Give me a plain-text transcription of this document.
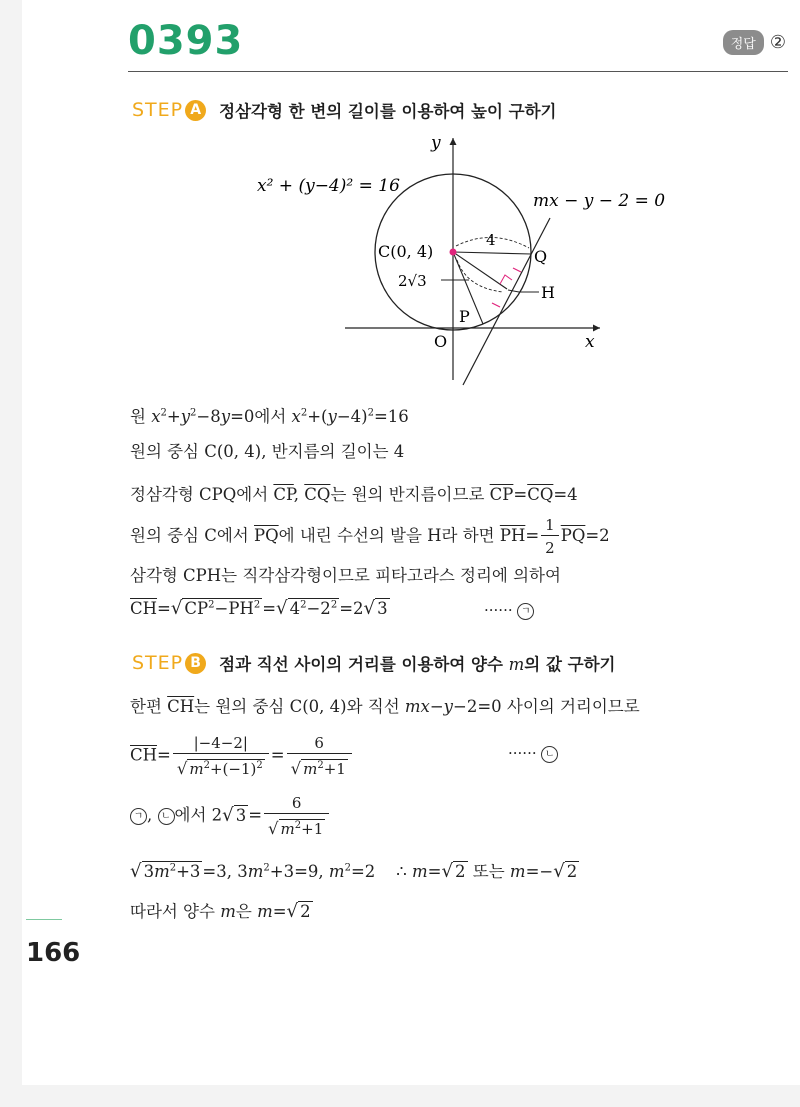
0393	정답 ②
STEP A	정삼각형 한 변의 길이를 이용하여 높이 구하기
x² + (y−4)² = 16
mx − y − 2 = 0
y
x
O
C(0, 4)
4
2√3
P
Q
H
원 $x^2+y^2-8y=0$에서 $x^2+(y-4)^2=16$
원의 중심 C(0, 4), 반지름의 길이는 4
정삼각형 CPQ에서 $\overline{CP}$, $\overline{CQ}$는 원의 반지름이므로 $\overline{CP}=\overline{CQ}=4$
원의 중심 C에서 $\overline{PQ}$에 내린 수선의 발을 H라 하면 $\overline{PH}= \frac{1}{2} \overline{PQ}=2$
삼각형 CPH는 직각삼각형이므로 피타고라스 정리에 의하여
$\overline{CH}=√$ $CP^2-\overline{PH}^2$ =√ $4^2-2^2 =2√$ 3	······ ㄱ
STEP B	점과 직선 사이의 거리를 이용하여 양수 m의 값 구하기
한편 $\overline{CH}$는 원의 중심 C(0, 4)와 직선 mx−y−2=0 사이의 거리이므로
$\overline{CH}= \frac{|-4-2|}{√ m^2+(-1)^2} = \frac{6}{√ m^2+1}$	······ ㄴ
ㄱ , ㄴ 에서 2√ $3 = \frac{6}{√ m^2+1}$
√ $3m^2+3 =3$, $3m^2+3=9$, $m^2=2$    ∴ m=√ 2 또는 m=−√ 2
따라서 양수 m은 m=√ 2
166
